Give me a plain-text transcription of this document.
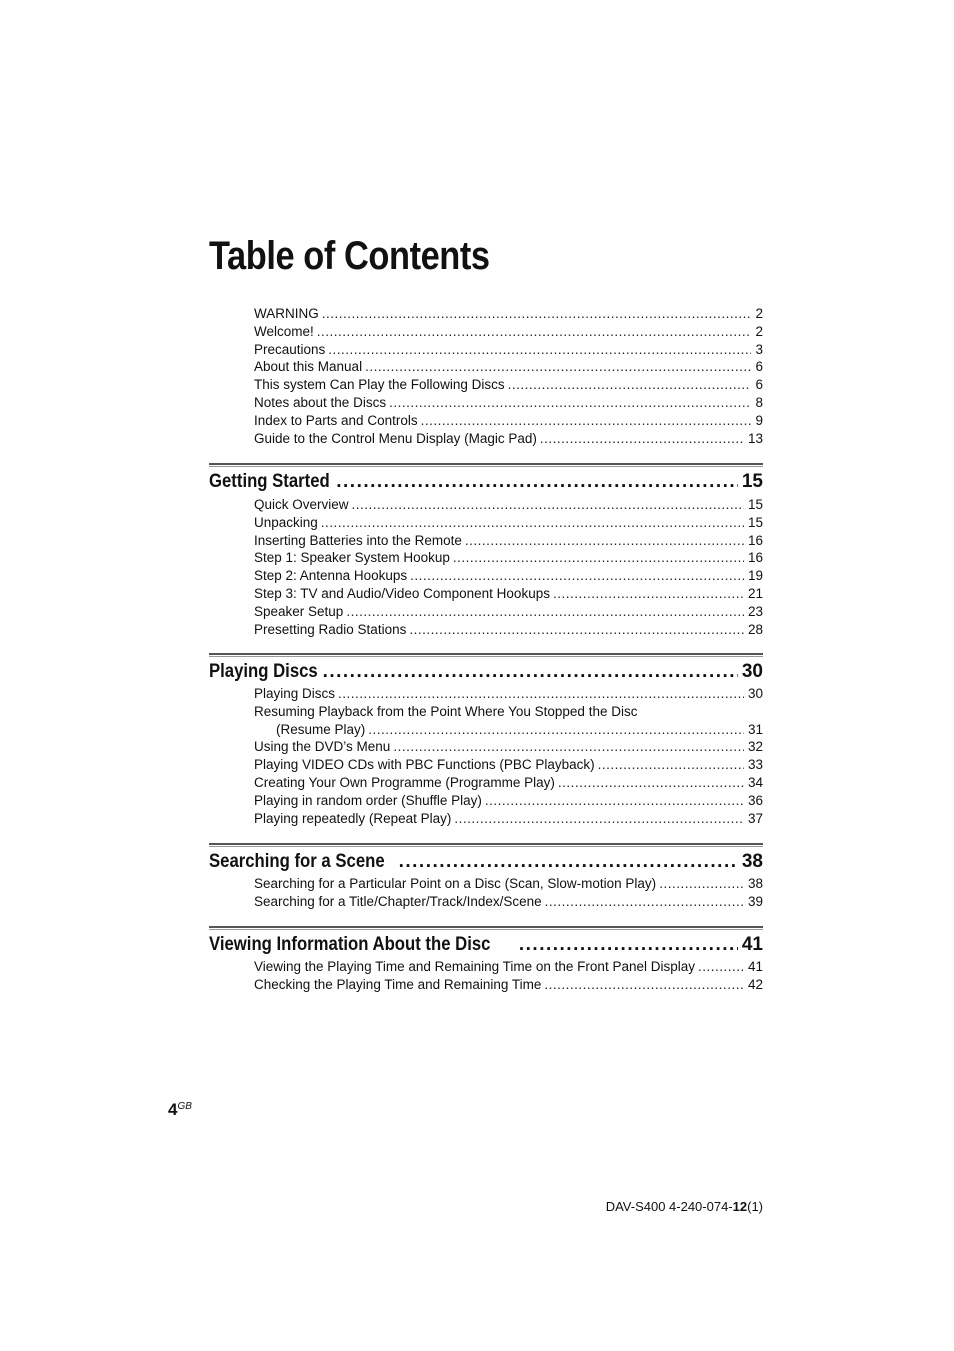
Table of Contents
WARNING .....	2
Welcome! .....	2
Precautions .....	3
About this Manual .....	6
This system Can Play the Following Discs .....	6
Notes about the Discs .....	8
Index to Parts and Controls .....	9
Guide to the Control Menu Display (Magic Pad) .....	13
Getting Started .....	15
Quick Overview .....	15
Unpacking .....	15
Inserting Batteries into the Remote .....	16
Step 1: Speaker System Hookup .....	16
Step 2: Antenna Hookups .....	19
Step 3: TV and Audio/Video Component Hookups .....	21
Speaker Setup .....	23
Presetting Radio Stations .....	28
Playing Discs .....	30
Playing Discs .....	30
Resuming Playback from the Point Where You Stopped the Disc
(Resume Play) .....	31
Using the DVD’s Menu .....	32
Playing VIDEO CDs with PBC Functions (PBC Playback) .....	33
Creating Your Own Programme (Programme Play) .....	34
Playing in random order (Shuffle Play) .....	36
Playing repeatedly (Repeat Play) .....	37
Searching for a Scene .....	38
Searching for a Particular Point on a Disc (Scan, Slow-motion Play) .....	38
Searching for a Title/Chapter/Track/Index/Scene .....	39
Viewing Information About the Disc .....	41
Viewing the Playing Time and Remaining Time on the Front Panel Display .....	41
Checking the Playing Time and Remaining Time .....	42
$4^{GB}$
DAV-S400 4-240-074-12(1)
